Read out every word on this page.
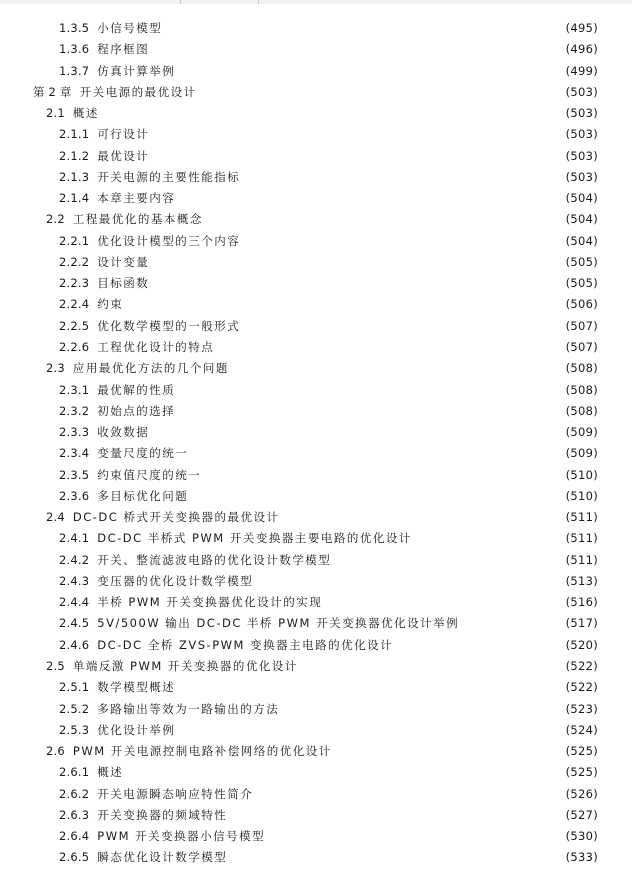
1.3.5 小信号模型	(495)
1.3.6 程序框图	(496)
1.3.7 仿真计算举例	(499)
第 2 章 开关电源的最优设计	(503)
2.1 概述	(503)
2.1.1 可行设计	(503)
2.1.2 最优设计	(503)
2.1.3 开关电源的主要性能指标	(503)
2.1.4 本章主要内容	(504)
2.2 工程最优化的基本概念	(504)
2.2.1 优化设计模型的三个内容	(504)
2.2.2 设计变量	(505)
2.2.3 目标函数	(505)
2.2.4 约束	(506)
2.2.5 优化数学模型的一般形式	(507)
2.2.6 工程优化设计的特点	(507)
2.3 应用最优化方法的几个问题	(508)
2.3.1 最优解的性质	(508)
2.3.2 初始点的选择	(508)
2.3.3 收敛数据	(509)
2.3.4 变量尺度的统一	(509)
2.3.5 约束值尺度的统一	(510)
2.3.6 多目标优化问题	(510)
2.4 DC-DC 桥式开关变换器的最优设计	(511)
2.4.1 DC-DC 半桥式 PWM 开关变换器主要电路的优化设计	(511)
2.4.2 开关、整流滤波电路的优化设计数学模型	(511)
2.4.3 变压器的优化设计数学模型	(513)
2.4.4 半桥 PWM 开关变换器优化设计的实现	(516)
2.4.5 5V/500W 输出 DC-DC 半桥 PWM 开关变换器优化设计举例	(517)
2.4.6 DC-DC 全桥 ZVS-PWM 变换器主电路的优化设计	(520)
2.5 单端反激 PWM 开关变换器的优化设计	(522)
2.5.1 数学模型概述	(522)
2.5.2 多路输出等效为一路输出的方法	(523)
2.5.3 优化设计举例	(524)
2.6 PWM 开关电源控制电路补偿网络的优化设计	(525)
2.6.1 概述	(525)
2.6.2 开关电源瞬态响应特性简介	(526)
2.6.3 开关变换器的频域特性	(527)
2.6.4 PWM 开关变换器小信号模型	(530)
2.6.5 瞬态优化设计数学模型	(533)
